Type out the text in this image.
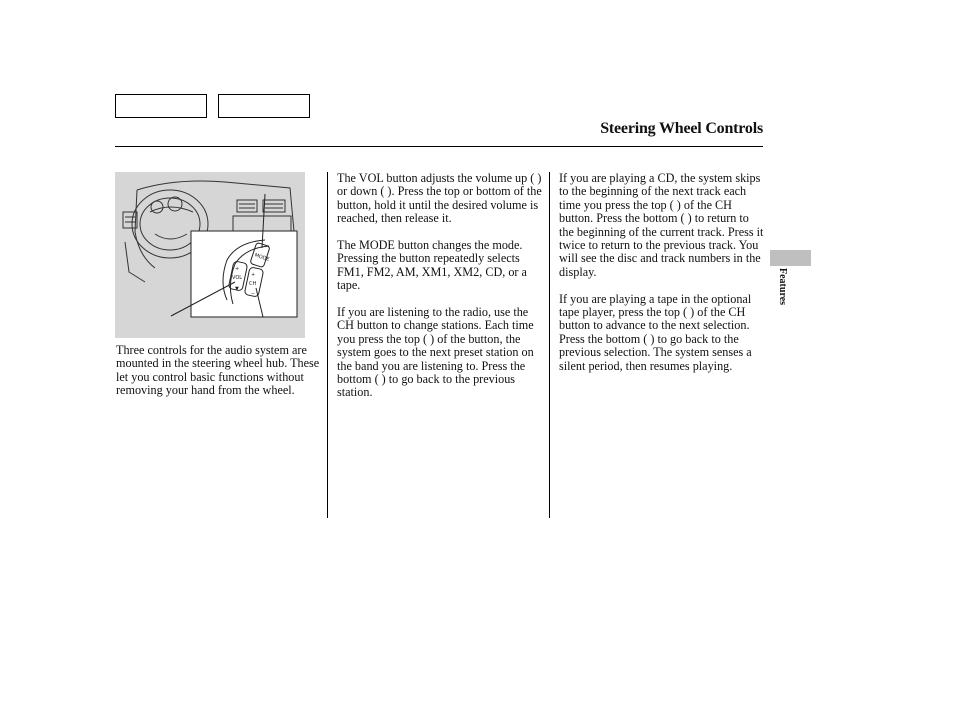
Steering Wheel Controls
MODE
VOL
CH
+
▼
+
−

Three controls for the audio system are mounted in the steering wheel hub. These let you control basic functions without removing your hand from the wheel.

The VOL button adjusts the volume up ( ) or down ( ). Press the top or bottom of the button, hold it until the desired volume is reached, then release it.

The MODE button changes the mode. Pressing the button repeatedly selects FM1, FM2, AM, XM1, XM2, CD, or a tape.

If you are listening to the radio, use the CH button to change stations. Each time you press the top ( ) of the button, the system goes to the next preset station on the band you are listening to. Press the bottom ( ) to go back to the previous station.

If you are playing a CD, the system skips to the beginning of the next track each time you press the top ( ) of the CH button. Press the bottom ( ) to return to the beginning of the current track. Press it twice to return to the previous track. You will see the disc and track numbers in the display.

If you are playing a tape in the optional tape player, press the top ( ) of the CH button to advance to the next selection. Press the bottom ( ) to go back to the previous selection. The system senses a silent period, then resumes playing.

Features
